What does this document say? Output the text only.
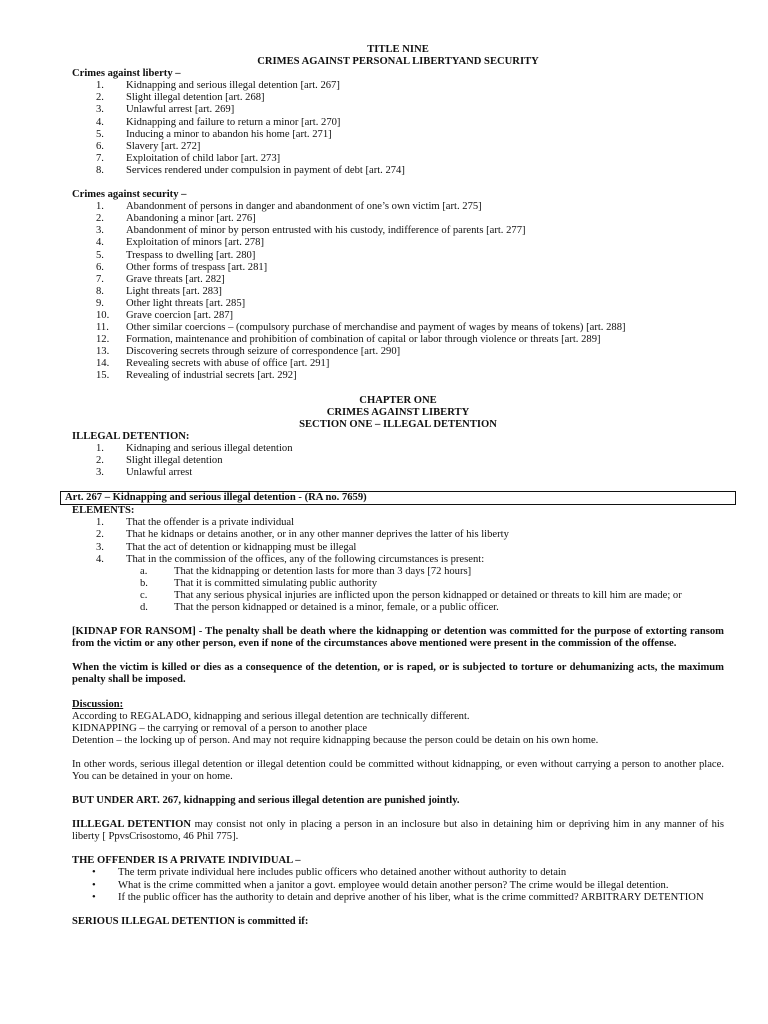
TITLE NINE
CRIMES AGAINST PERSONAL LIBERTYAND SECURITY
Crimes against liberty –
1.	Kidnapping and serious illegal detention [art. 267]
2.	Slight illegal detention [art. 268]
3.	Unlawful arrest [art. 269]
4.	Kidnapping and failure to return a minor [art. 270]
5.	Inducing a minor to abandon his home [art. 271]
6.	Slavery [art. 272]
7.	Exploitation of child labor [art. 273]
8.	Services rendered under compulsion in payment of debt [art. 274]
Crimes against security –
1.	Abandonment of persons in danger and abandonment of one’s own victim [art. 275]
2.	Abandoning a minor [art. 276]
3.	Abandonment of minor by person entrusted with his custody, indifference of parents [art. 277]
4.	Exploitation of minors [art. 278]
5.	Trespass to dwelling [art. 280]
6.	Other forms of trespass [art. 281]
7.	Grave threats [art. 282]
8.	Light threats [art. 283]
9.	Other light threats [art. 285]
10.	Grave coercion [art. 287]
11.	Other similar coercions – (compulsory purchase of merchandise and payment of wages by means of tokens) [art. 288]
12.	Formation, maintenance and prohibition of combination of capital or labor through violence or threats [art. 289]
13.	Discovering secrets through seizure of correspondence [art. 290]
14.	Revealing secrets with abuse of office [art. 291]
15.	Revealing of industrial secrets [art. 292]
CHAPTER ONE
CRIMES AGAINST LIBERTY
SECTION ONE – ILLEGAL DETENTION
ILLEGAL DETENTION:
1.	Kidnaping and serious illegal detention
2.	Slight illegal detention
3.	Unlawful arrest
Art. 267 – Kidnapping and serious illegal detention - (RA no. 7659)
ELEMENTS:
1.	That the offender is a private individual
2.	That he kidnaps or detains another, or in any other manner deprives the latter of his liberty
3.	That the act of detention or kidnapping must be illegal
4.	That in the commission of the offices, any of the following circumstances is present:
a.	That the kidnapping or detention lasts for more than 3 days [72 hours]
b.	That it is committed simulating public authority
c.	That any serious physical injuries are inflicted upon the person kidnapped or detained or threats to kill him are made; or
d.	That the person kidnapped or detained is a minor, female, or a public officer.
[KIDNAP FOR RANSOM] - The penalty shall be death where the kidnapping or detention was committed for the purpose of extorting ransom from the victim or any other person, even if none of the circumstances above mentioned were present in the commission of the offense.
When the victim is killed or dies as a consequence of the detention, or is raped, or is subjected to torture or dehumanizing acts, the maximum penalty shall be imposed.
Discussion:
According to REGALADO, kidnapping and serious illegal detention are technically different.
KIDNAPPING – the carrying or removal of a person to another place
Detention – the locking up of person. And may not require kidnapping because the person could be detain on his own home.
In other words, serious illegal detention or illegal detention could be committed without kidnapping, or even without carrying a person to another place. You can be detained in your on home.
BUT UNDER ART. 267, kidnapping and serious illegal detention are punished jointly.
IILLEGAL DETENTION may consist not only in placing a person in an inclosure but also in detaining him or depriving him in any manner of his liberty [ PpvsCrisostomo, 46 Phil 775].
THE OFFENDER IS A PRIVATE INDIVIDUAL –
• The term private individual here includes public officers who detained another without authority to detain
• What is the crime committed when a janitor a govt. employee would detain another person? The crime would be illegal detention.
• If the public officer has the authority to detain and deprive another of his liber, what is the crime committed? ARBITRARY DETENTION
SERIOUS ILLEGAL DETENTION is committed if:
